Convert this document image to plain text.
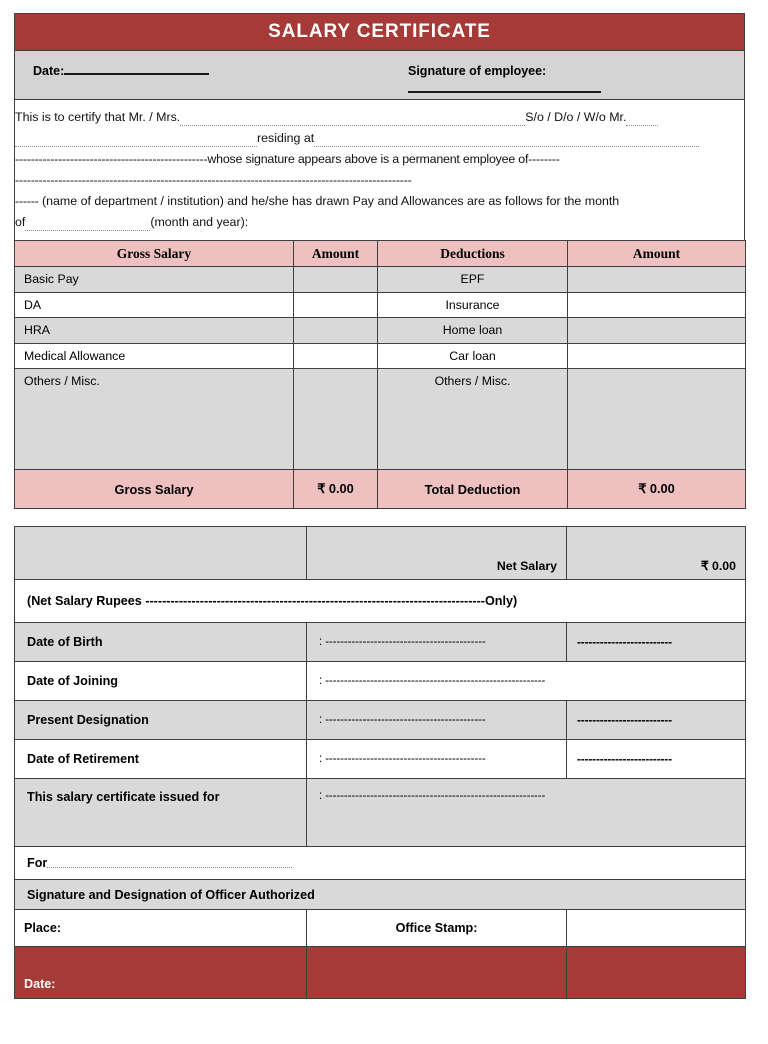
SALARY CERTIFICATE

Date:	Signature of employee:

This is to certify that Mr. / Mrs.	S/o / D/o / W/o Mr.
residing at
-------------------------------------------------whose signature appears above is a permanent employee of--------
-----------------------------------------------------------------------------------------------------
------ (name of department / institution) and he/she has drawn Pay and Allowances are as follows for the month
of	(month and year):
Gross Salary	Amount	Deductions	Amount
Basic Pay		EPF	
DA		Insurance	
HRA		Home loan	
Medical Allowance		Car loan	
Others / Misc.		Others / Misc.	
Gross Salary	₹ 0.00	Total Deduction	₹ 0.00
	Net Salary	₹ 0.00
(Net Salary Rupees ---------------------------------------------------------------------------------Only)		
Date of Birth	: -------------------------------------------	-------------------------
Date of Joining	: -----------------------------------------------------------	
Present Designation	: -------------------------------------------	-------------------------
Date of Retirement	: -------------------------------------------	-------------------------
This salary certificate issued for	: -----------------------------------------------------------	
For		
Signature and Designation of Officer Authorized		
Place:	Office Stamp:	
Date:		
